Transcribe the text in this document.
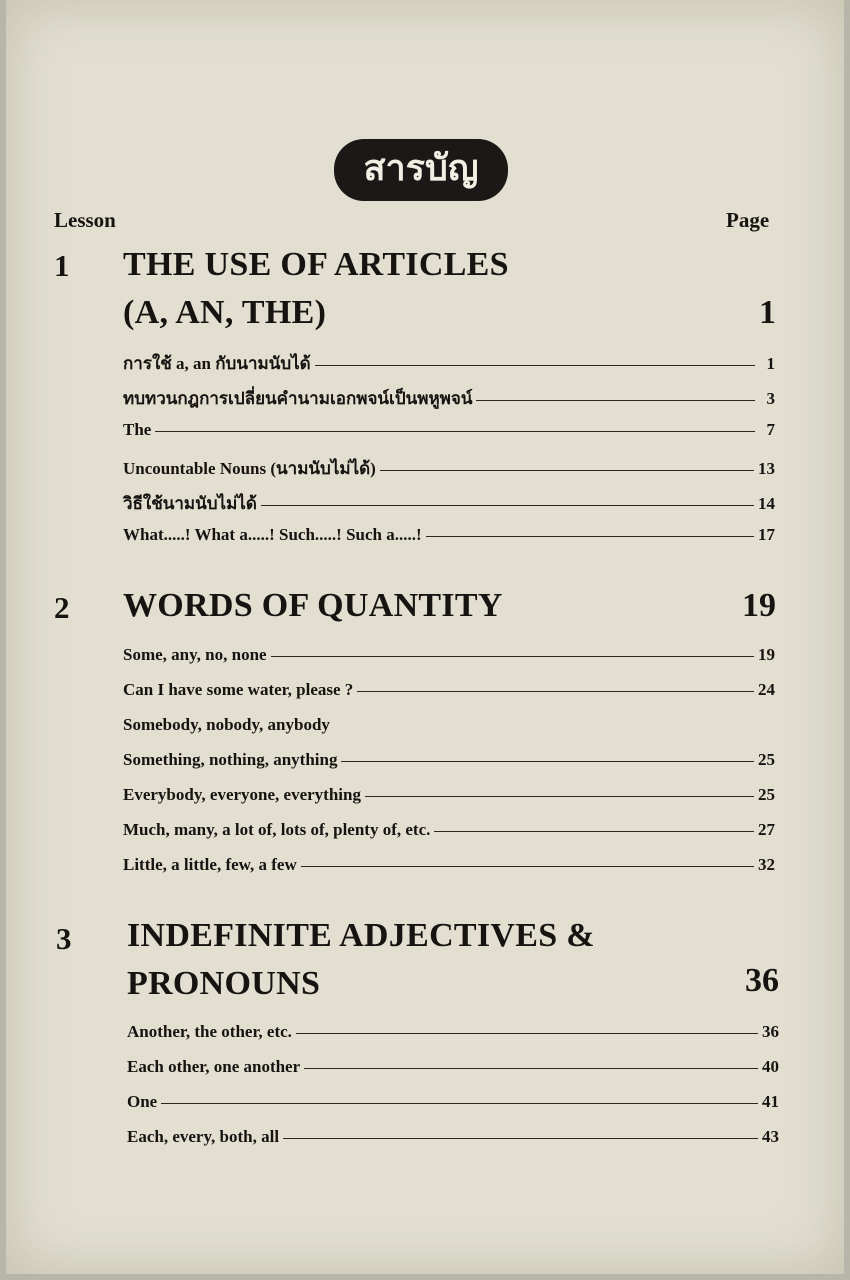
สารบัญ
Lesson	Page
1 THE USE OF ARTICLES
(A, AN, THE)	1
การใช้ a, an กับนามนับได้	1
ทบทวนกฎการเปลี่ยนคำนามเอกพจน์เป็นพหูพจน์	3
The	7
Uncountable Nouns (นามนับไม่ได้)	13
วิธีใช้นามนับไม่ได้	14
What.....! What a.....! Such.....! Such a.....!	17
2 WORDS OF QUANTITY	19
Some, any, no, none	19
Can I have some water, please ?	24
Somebody, nobody, anybody
Something, nothing, anything	25
Everybody, everyone, everything	25
Much, many, a lot of, lots of, plenty of, etc.	27
Little, a little, few, a few	32
3 INDEFINITE ADJECTIVES &
PRONOUNS	36
Another, the other, etc.	36
Each other, one another	40
One	41
Each, every, both, all	43
